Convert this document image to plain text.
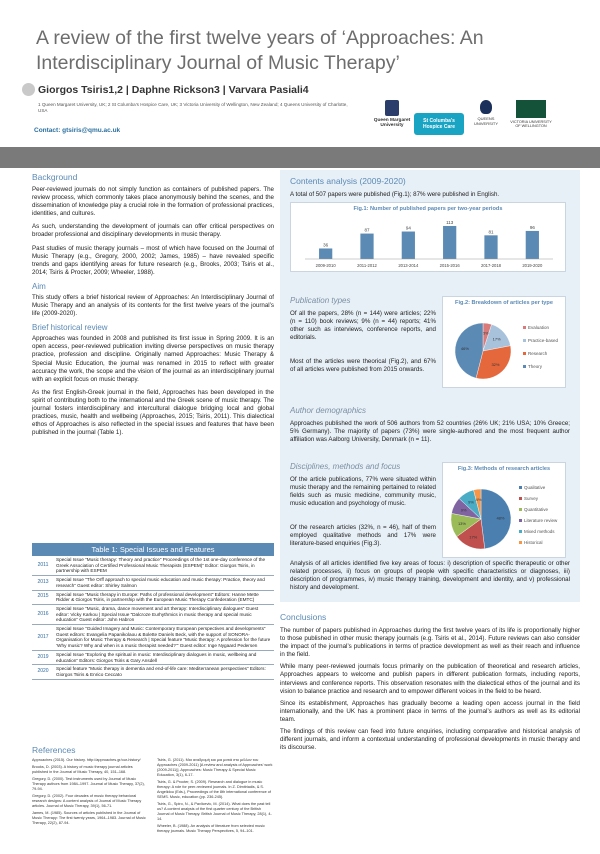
A review of the first twelve years of ‘Approaches: An Interdisciplinary Journal of Music Therapy’
Giorgos Tsiris1,2 | Daphne Rickson3 | Varvara Pasiali4
1 Queen Margaret University, UK; 2 St Columba’s Hospice Care, UK; 3 Victoria University of Wellington, New Zealand; 4 Queens University of Charlotte, USA
Contact: gtsiris@qmu.ac.uk
Queen Margaret University
St Columba's Hospice Care
QUEENS UNIVERSITY	VICTORIA UNIVERSITY OF WELLINGTON
Background

Peer-reviewed journals do not simply function as containers of published papers. The review process, which commonly takes place anonymously behind the scenes, and the dissemination of knowledge play a crucial role in the formation of professional practices, identities, and cultures.

As such, understanding the development of journals can offer critical perspectives on broader professional and disciplinary developments in music therapy.

Past studies of music therapy journals – most of which have focused on the Journal of Music Therapy (e.g., Gregory, 2000, 2002; James, 1985) – have revealed specific trends and gaps identifying areas for future research (e.g., Brooks, 2003; Tsiris et al., 2014; Tsiris & Procter, 2009; Wheeler, 1988).

Aim

This study offers a brief historical review of Approaches: An Interdisciplinary Journal of Music Therapy and an analysis of its contents for the first twelve years of the journal’s life (2009-2020).

Brief historical review

Approaches was founded in 2008 and published its first issue in Spring 2009. It is an open access, peer-reviewed publication inviting diverse perspectives on music therapy practice, profession and discipline. Originally named Approaches: Music Therapy & Special Music Education, the journal was renamed in 2015 to reflect with greater accuracy the work, the scope and the vision of the journal as an interdisciplinary journal with an explicit focus on music therapy.

As the first English-Greek journal in the field, Approaches has been developed in the spirit of contributing both to the international and the Greek scene of music therapy. The journal fosters interdisciplinary and intercultural dialogue bridging local and global practices, music, health and wellbeing (Approaches, 2015; Tsiris, 2011). This dialectical ethos of Approaches is also reflected in the special issues and features that have been published in the journal (Table 1).

Table 1: Special Issues and Features
2011	Special Issue “Music therapy: Theory and practice” Proceedings of the 1st one-day conference of the Greek Association of Certified Professional Music Therapists (ESPEM)” Editor: Giorgos Tsiris, in partnership with ESPEM
2013	Special Issue “The Orff approach to special music education and music therapy: Practice, theory and research” Guest editor: Shirley Salmon
2015	Special Issue “Music therapy in Europe: Paths of professional development” Editors: Hanne Mette Ridder & Giorgos Tsiris, in partnership with the European Music Therapy Confederation (EMTC)
2016	Special Issue “Music, drama, dance movement and art therapy: Interdisciplinary dialogues” Guest editor: Vicky Karkou | Special Issue “Dalcroze Eurhythmics in music therapy and special music education” Guest editor: John Habron
2017	Special Issue “Guided Imagery and Music: Contemporary European perspectives and developments” Guest editors: Evangelia Papanikolaou & Bolette Daniels Beck, with the support of SONORA-Organisation for Music Therapy & Research | Special feature “Music therapy: A profession for the future ‘Why music? Why and when is a music therapist needed?’” Guest editor: Inge Nygaard Pedersen
2019	Special Issue “Exploring the spiritual in music: Interdisciplinary dialogues in music, wellbeing and education” Editors: Giorgos Tsiris & Gary Ansdell
2020	Special feature “Music therapy in dementia and end-of-life care: Mediterranean perspectives” Editors: Giorgos Tsiris & Enrico Ceccato
References
Approaches (2015). Our history. http://approaches.gr/our-history/
Brooks, D. (2003). A history of music therapy journal articles published in the Journal of Music Therapy, 40, 151–168.
Gregory, D. (2000). Test instruments used by Journal of Music Therapy authors from 1984–1997. Journal of Music Therapy, 37(2), 79-94.
Gregory, D. (2002). Four decades of music therapy behavioral research designs: A content analysis of Journal of Music Therapy articles. Journal of Music Therapy, 39(1), 56-71.
James, M. (1985). Sources of articles published in the Journal of Music Therapy: The first twenty years, 1964–1983. Journal of Music Therapy, 22(2), 87-94.
Tsiris, G. (2011). Μια αναδρομή και μια ματιά στο μέλλον του Approaches (2009-2011) [A review and analysis of Approaches’ work (2009-2011)]. Approaches: Music Therapy & Special Music Education, 3(1), 6-17.
Tsiris, G. & Procter, S. (2009). Research and dialogue in music therapy: A role for peer-reviewed journals. In Z. Dimitriadis, & S. Angelidou (Eds.), Proceedings of the 8th international conference of SEMS. Music, education (pp. 236-245).
Tsiris, G., Spiro, N., & Pavlicevic, M. (2014). What does the past tell us? A content analysis of the first quarter century of the British Journal of Music Therapy. British Journal of Music Therapy, 28(1), 4-14.
Wheeler, B. (1988). An analysis of literature from selected music therapy journals. Music Therapy Perspectives, 5, 94–101.
Contents analysis (2009-2020)

A total of 507 papers were published (Fig.1); 87% were published in English.

Fig.1: Number of published papers per two-year periods
36
2009-2010
87
2011-2012
94
2013-2014
113
2015-2016
81
2017-2018
96
2019-2020
Publication types

Of all the papers, 28% (n = 144) were articles; 22% (n = 110) book reviews; 9% (n = 44) reports; 41% other such as interviews, conference reports, and editorials.

Most of the articles were theorical (Fig.2), and 67% of all articles were published from 2015 onwards.

Fig.2: Breakdown of articles per type
5%
17%
32%
46%
Evaluation
Practice-based
Research
Theory
Author demographics

Approaches published the work of 506 authors from 52 countries (26% UK; 21% USA; 10% Greece; 5% Germany). The majority of papers (73%) were single-authored and the most frequent author affiliation was Aalborg University, Denmark (n = 11).

Disciplines, methods and focus

Of the article publications, 77% were situated within music therapy and the remaining pertained to related fields such as music medicine, community music, music education and psychology of music.

Of the research articles (32%, n = 46), half of them employed qualitative methods and 17% were literature-based enquiries (Fig.3).

Fig.3: Methods of research articles
48%
17%
13%
9%
9%
4%
Qualitative
Survey
Quantitative
Literature review
Mixed methods
Historical

Analysis of all articles identified five key areas of focus: i) description of specific therapeutic or other related processes, ii) focus on groups of people with specific characteristics or diagnoses, iii) description of programmes, iv) music therapy training, development and identity, and v) professional history and development.

Conclusions

The number of papers published in Approaches during the first twelve years of its life is proportionally higher to those published in other music therapy journals (e.g. Tsiris et al., 2014). Future reviews can also consider the impact of the journal’s publications in terms of practice development as well as their reach and influence in the field.

While many peer-reviewed journals focus primarily on the publication of theoretical and research articles, Approaches appears to welcome and publish papers in different publication formats, including reports, interviews and conference reports. This observation resonates with the dialectical ethos of the journal and its vision to balance practice and research and to empower different voices in the field to be heard.

Since its establishment, Approaches has gradually become a leading open access journal in the field internationally, and the UK has a prominent place in terms of the journal’s authors as well as its editorial team.

The findings of this review can feed into future enquiries, including comparative and historical analysis of different journals, and inform a contextual understanding of professional developments in music therapy and its discourse.
